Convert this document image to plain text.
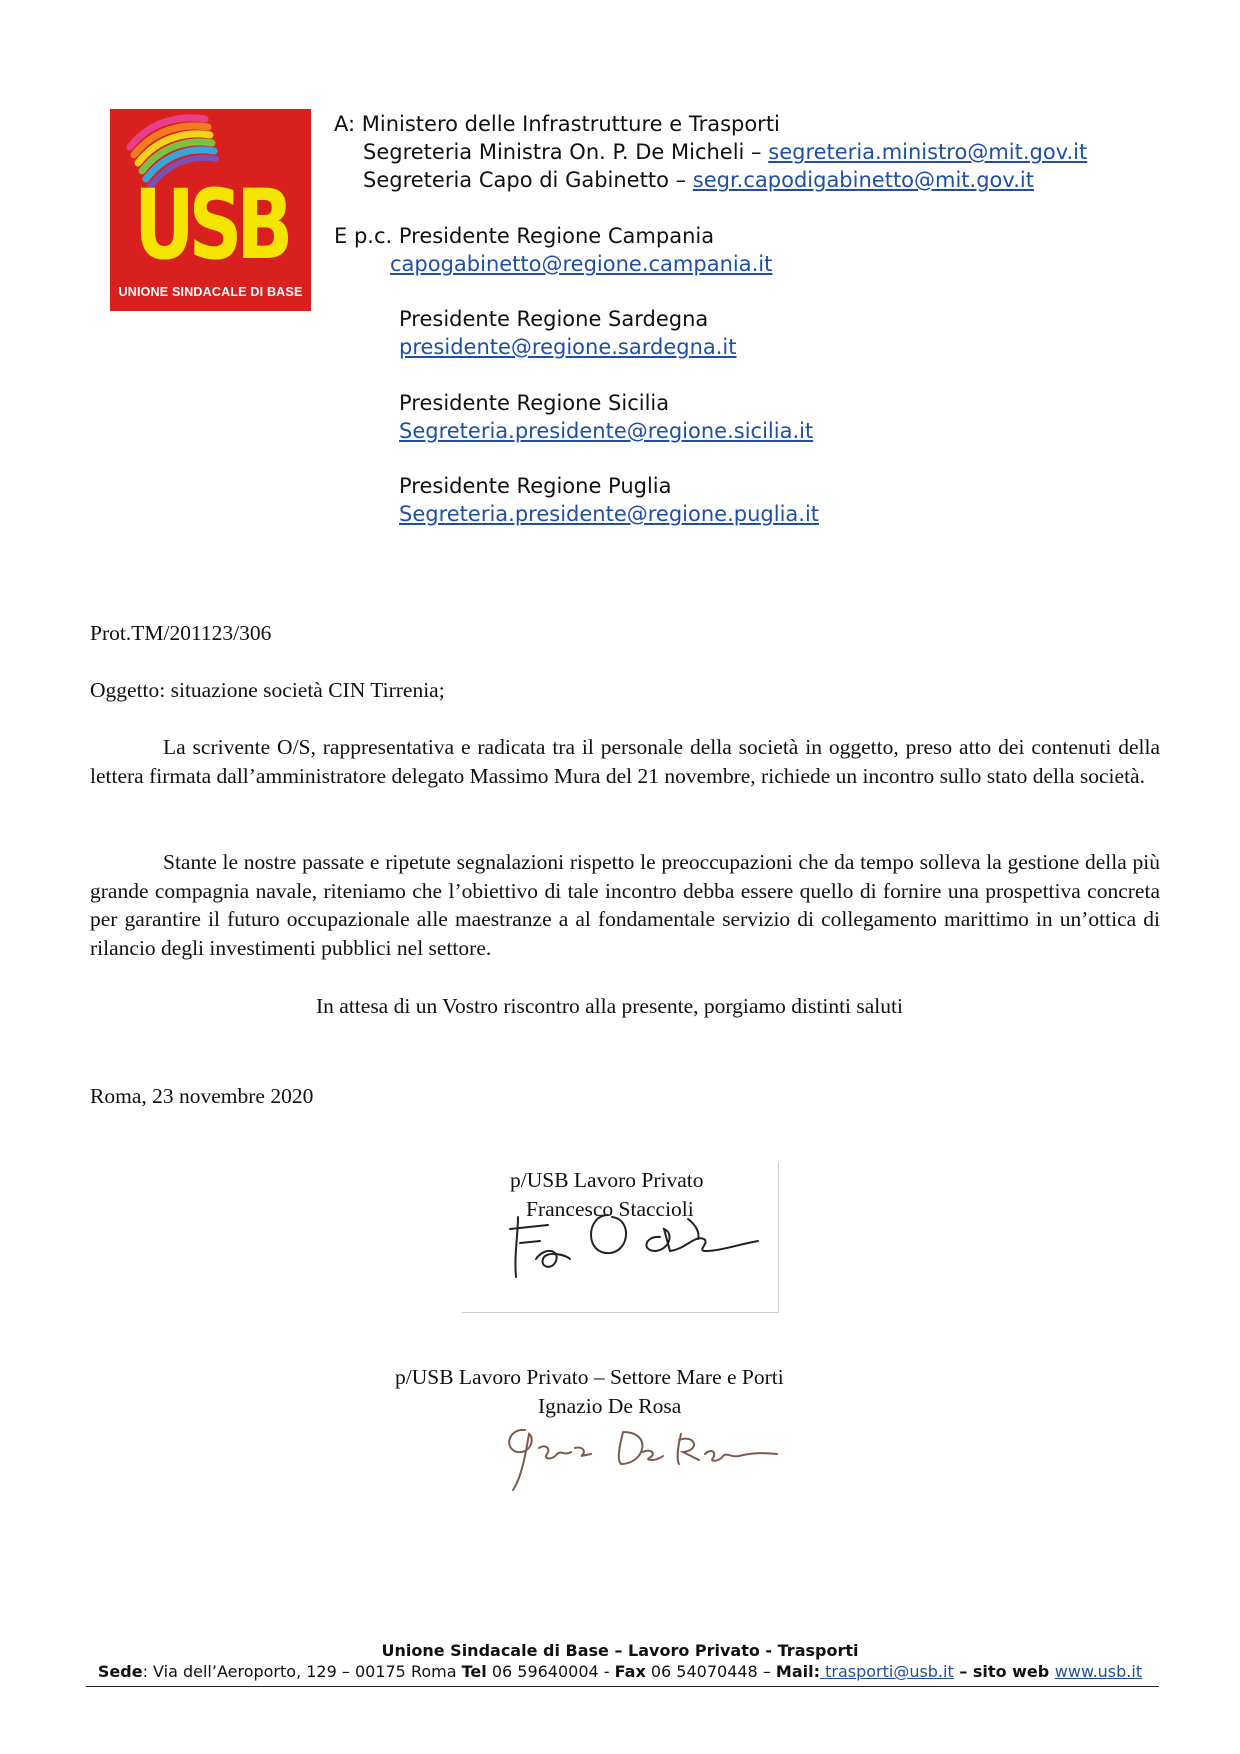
USB
UNIONE SINDACALE DI BASE
A: Ministero delle Infrastrutture e Trasporti
Segreteria Ministra On. P. De Micheli – segreteria.ministro@mit.gov.it
Segreteria Capo di Gabinetto – segr.capodigabinetto@mit.gov.it
E p.c. Presidente Regione Campania
capogabinetto@regione.campania.it
Presidente Regione Sardegna
presidente@regione.sardegna.it
Presidente Regione Sicilia
Segreteria.presidente@regione.sicilia.it
Presidente Regione Puglia
Segreteria.presidente@regione.puglia.it
Prot.TM/201123/306
Oggetto: situazione società CIN Tirrenia;
La scrivente O/S, rappresentativa e radicata tra il personale della società in oggetto, preso atto dei contenuti della lettera firmata dall’amministratore delegato Massimo Mura del 21 novembre, richiede un incontro sullo stato della società.
Stante le nostre passate e ripetute segnalazioni rispetto le preoccupazioni che da tempo solleva la gestione della più grande compagnia navale, riteniamo che l’obiettivo di tale incontro debba essere quello di fornire una prospettiva concreta per garantire il futuro occupazionale alle maestranze a al fondamentale servizio di collegamento marittimo in un’ottica di rilancio degli investimenti pubblici nel settore.
In attesa di un Vostro riscontro alla presente, porgiamo distinti saluti
Roma, 23 novembre 2020
p/USB Lavoro Privato
Francesco Staccioli
p/USB Lavoro Privato – Settore Mare e Porti
Ignazio De Rosa
Unione Sindacale di Base – Lavoro Privato - Trasporti
Sede: Via dell’Aeroporto, 129 – 00175 Roma Tel 06 59640004 - Fax 06 54070448 – Mail: trasporti@usb.it – sito web www.usb.it
